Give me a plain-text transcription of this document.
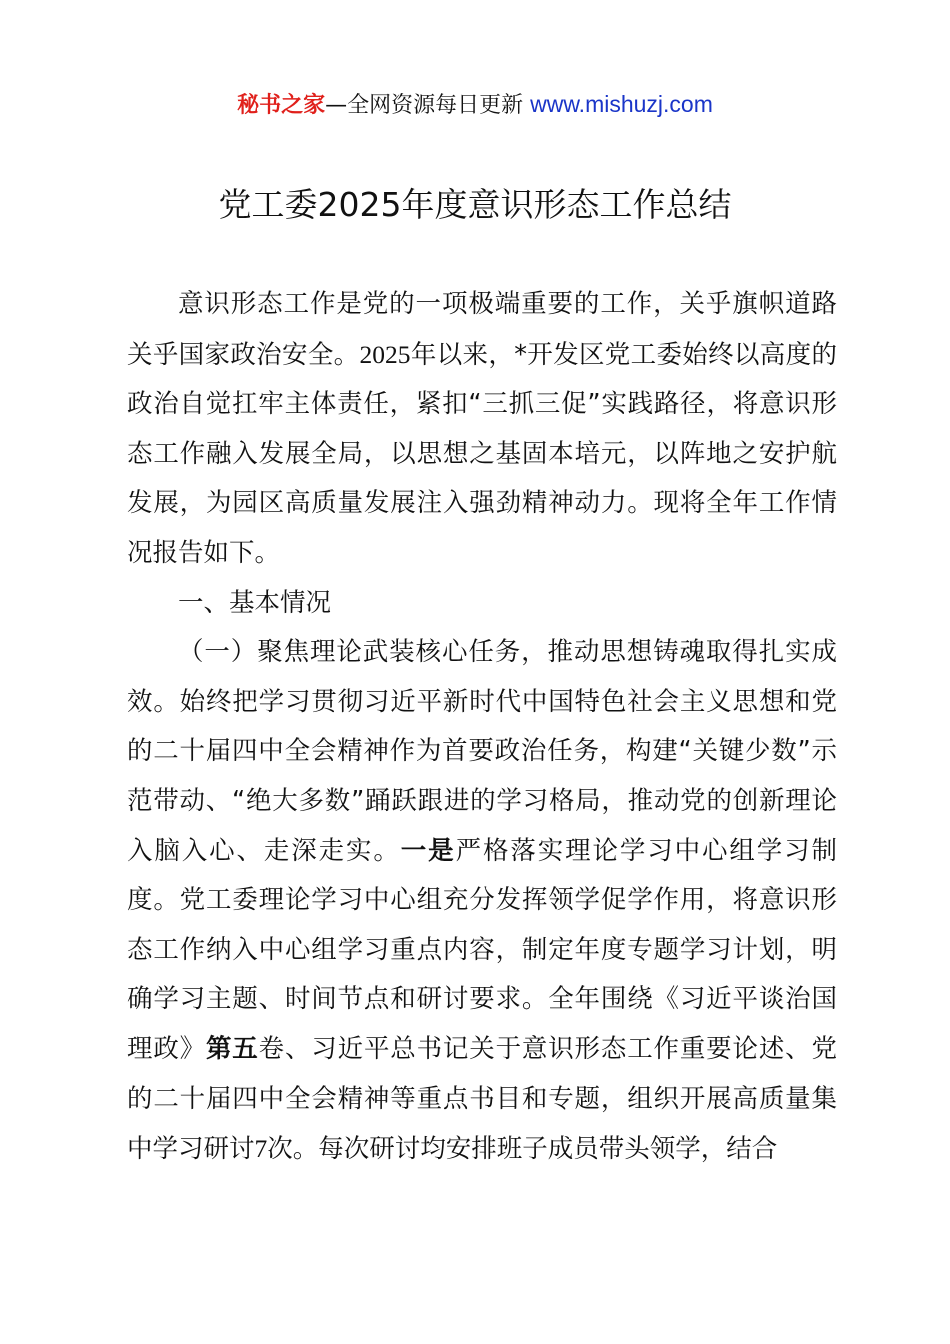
秘书之家—全网资源每日更新 www.mishuzj.com
党工委2025年度意识形态工作总结

意识形态工作是党的一项极端重要的工作，关乎旗帜道路关乎国家政治安全。2025年以来，*开发区党工委始终以高度的政治自觉扛牢主体责任，紧扣“三抓三促”实践路径，将意识形态工作融入发展全局，以思想之基固本培元，以阵地之安护航发展，为园区高质量发展注入强劲精神动力。现将全年工作情况报告如下。

一、基本情况

（一）聚焦理论武装核心任务，推动思想铸魂取得扎实成效。始终把学习贯彻习近平新时代中国特色社会主义思想和党的二十届四中全会精神作为首要政治任务，构建“关键少数”示范带动、“绝大多数”踊跃跟进的学习格局，推动党的创新理论入脑入心、走深走实。一是严格落实理论学习中心组学习制度。党工委理论学习中心组充分发挥领学促学作用，将意识形态工作纳入中心组学习重点内容，制定年度专题学习计划，明确学习主题、时间节点和研讨要求。全年围绕《习近平谈治国理政》第五卷、习近平总书记关于意识形态工作重要论述、党的二十届四中全会精神等重点书目和专题，组织开展高质量集中学习研讨7次。每次研讨均安排班子成员带头领学，结合
